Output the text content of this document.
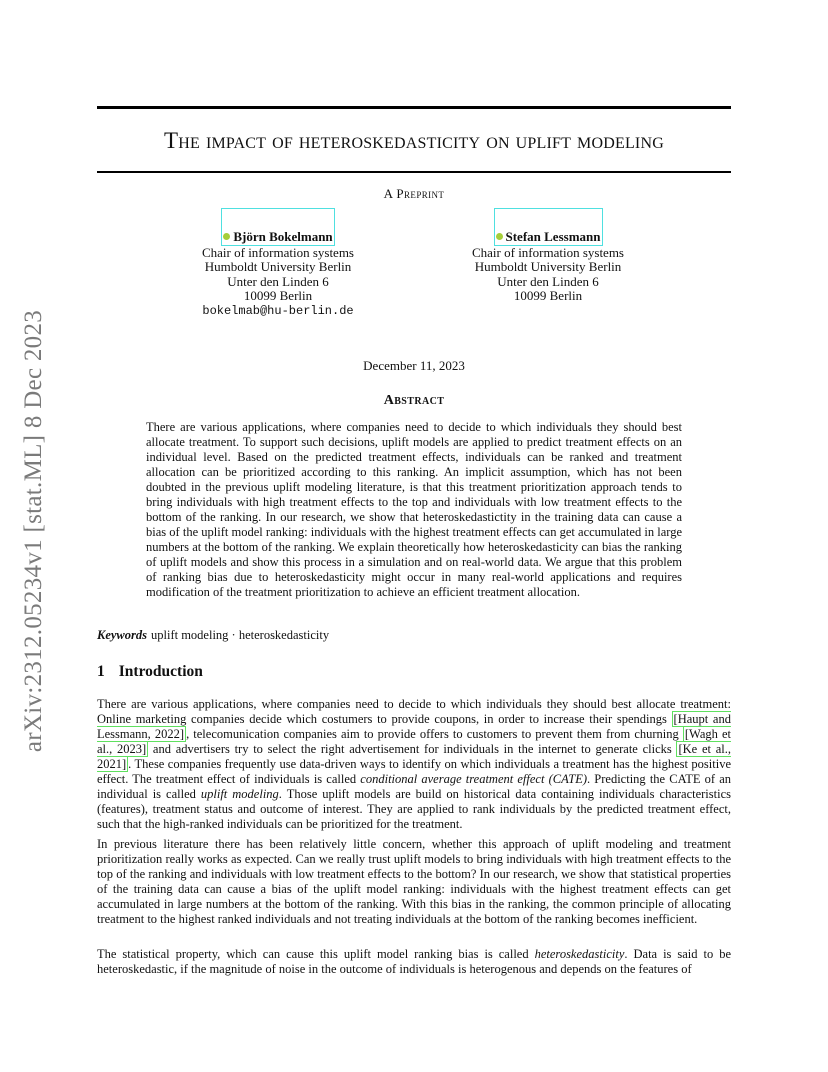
arXiv:2312.05234v1 [stat.ML] 8 Dec 2023
The impact of heteroskedasticity on uplift modeling
A Preprint
Björn Bokelmann
Chair of information systems
Humboldt University Berlin
Unter den Linden 6
10099 Berlin
bokelmab@hu-berlin.de
Stefan Lessmann
Chair of information systems
Humboldt University Berlin
Unter den Linden 6
10099 Berlin
December 11, 2023
Abstract

There are various applications, where companies need to decide to which individuals they should best allocate treatment. To support such decisions, uplift models are applied to predict treatment effects on an individual level. Based on the predicted treatment effects, individuals can be ranked and treatment allocation can be prioritized according to this ranking. An implicit assumption, which has not been doubted in the previous uplift modeling literature, is that this treatment prioritization approach tends to bring individuals with high treatment effects to the top and individuals with low treatment effects to the bottom of the ranking. In our research, we show that heteroskedastictity in the training data can cause a bias of the uplift model ranking: individuals with the highest treatment effects can get accumulated in large numbers at the bottom of the ranking. We explain theoretically how heteroskedasticity can bias the ranking of uplift models and show this process in a simulation and on real-world data. We argue that this problem of ranking bias due to heteroskedasticity might occur in many real-world applications and requires modification of the treatment prioritization to achieve an efficient treatment allocation.

Keywords uplift modeling · heteroskedasticity
1 Introduction

There are various applications, where companies need to decide to which individuals they should best allocate treatment: Online marketing companies decide which costumers to provide coupons, in order to increase their spendings [Haupt and Lessmann, 2022] , telecomunication companies aim to provide offers to customers to prevent them from churning [Wagh et al., 2023] and advertisers try to select the right advertisement for individuals in the internet to generate clicks [Ke et al., 2021] . These companies frequently use data-driven ways to identify on which individuals a treatment has the highest positive effect. The treatment effect of individuals is called conditional average treatment effect (CATE). Predicting the CATE of an individual is called uplift modeling. Those uplift models are build on historical data containing individuals characteristics (features), treatment status and outcome of interest. They are applied to rank individuals by the predicted treatment effect, such that the high-ranked individuals can be prioritized for the treatment.

In previous literature there has been relatively little concern, whether this approach of uplift modeling and treatment prioritization really works as expected. Can we really trust uplift models to bring individuals with high treatment effects to the top of the ranking and individuals with low treatment effects to the bottom? In our research, we show that statistical properties of the training data can cause a bias of the uplift model ranking: individuals with the highest treatment effects can get accumulated in large numbers at the bottom of the ranking. With this bias in the ranking, the common principle of allocating treatment to the highest ranked individuals and not treating individuals at the bottom of the ranking becomes inefficient.

The statistical property, which can cause this uplift model ranking bias is called heteroskedasticity. Data is said to be heteroskedastic, if the magnitude of noise in the outcome of individuals is heterogenous and depends on the features of
